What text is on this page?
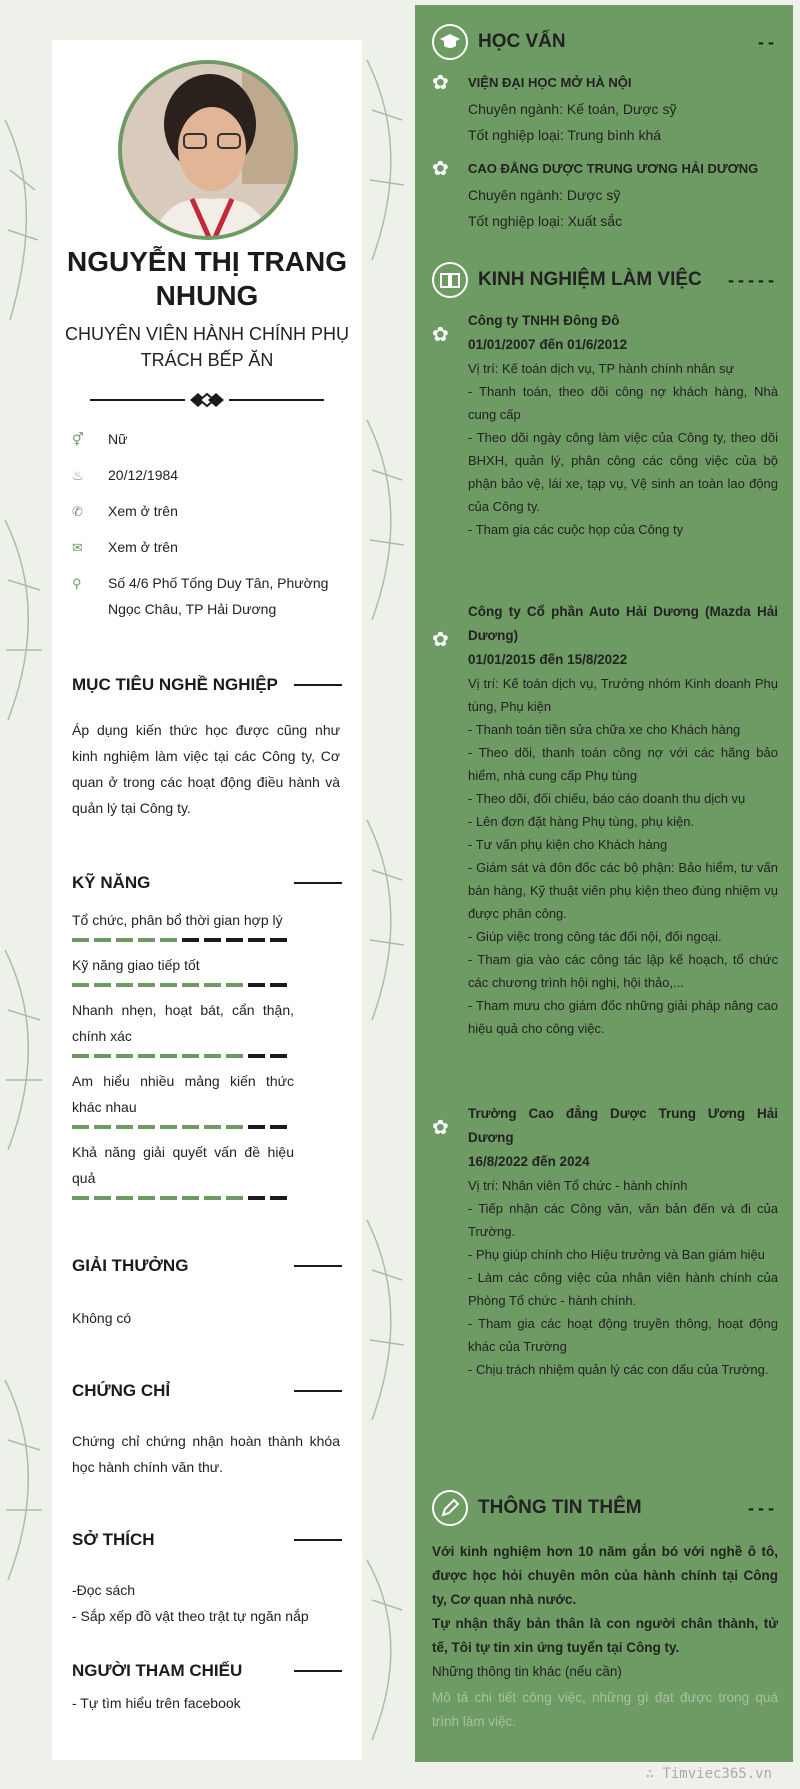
NGUYỄN THỊ TRANG NHUNG
CHUYÊN VIÊN HÀNH CHÍNH PHỤ TRÁCH BẾP ĂN
⚥	Nữ
♨	20/12/1984
✆	Xem ở trên
✉	Xem ở trên
⚲	Số 4/6 Phố Tống Duy Tân, Phường Ngọc Châu, TP Hải Dương
MỤC TIÊU NGHỀ NGHIỆP
Áp dụng kiến thức học được cũng như kinh nghiệm làm việc tại các Công ty, Cơ quan ở trong các hoạt động điều hành và quản lý tại Công ty.
KỸ NĂNG
Tổ chức, phân bổ thời gian hợp lý
Kỹ năng giao tiếp tốt
Nhanh nhẹn, hoạt bát, cẩn thận, chính xác
Am hiểu nhiều mảng kiến thức khác nhau
Khả năng giải quyết vấn đề hiệu quả
GIẢI THƯỞNG
Không có
CHỨNG CHỈ
Chứng chỉ chứng nhận hoàn thành khóa học hành chính văn thư.
SỞ THÍCH
-Đọc sách
- Sắp xếp đồ vật theo trật tự ngăn nắp
NGƯỜI THAM CHIẾU
- Tự tìm hiểu trên facebook
HỌC VẤN	--
✿ VIỆN ĐẠI HỌC MỞ HÀ NỘI
Chuyên ngành: Kế toán, Dược sỹ
Tốt nghiệp loại: Trung bình khá
✿ CAO ĐẲNG DƯỢC TRUNG ƯƠNG HẢI DƯƠNG
Chuyên ngành: Dược sỹ
Tốt nghiệp loại: Xuất sắc
KINH NGHIỆM LÀM VIỆC	-----
✿
Công ty TNHH Đông Đô
01/01/2007 đến 01/6/2012
Vị trí: Kế toán dịch vụ, TP hành chính nhân sự
- Thanh toán, theo dõi công nợ khách hàng, Nhà cung cấp
- Theo dõi ngày công làm việc của Công ty, theo dõi BHXH, quản lý, phân công các công việc của bộ phận bảo vệ, lái xe, tạp vụ, Vệ sinh an toàn lao động của Công ty.
- Tham gia các cuộc họp của Công ty
✿
Công ty Cổ phần Auto Hải Dương (Mazda Hải Dương)
01/01/2015 đến 15/8/2022
Vị trí: Kế toán dịch vụ, Trưởng nhóm Kinh doanh Phụ tùng, Phụ kiện
- Thanh toán tiền sửa chữa xe cho Khách hàng
- Theo dõi, thanh toán công nợ với các hãng bảo hiểm, nhà cung cấp Phụ tùng
- Theo dõi, đối chiếu, báo cáo doanh thu dịch vụ
- Lên đơn đặt hàng Phụ tùng, phụ kiện.
- Tư vấn phụ kiện cho Khách hàng
- Giám sát và đôn đốc các bộ phận: Bảo hiểm, tư vấn bán hàng, Kỹ thuật viên phụ kiện theo đúng nhiệm vụ được phân công.
- Giúp việc trong công tác đối nội, đối ngoại.
- Tham gia vào các công tác lập kế hoạch, tổ chức các chương trình hội nghị, hội thảo,...
- Tham mưu cho giám đốc những giải pháp nâng cao hiệu quả cho công việc.
✿
Trường Cao đẳng Dược Trung Ương Hải Dương
16/8/2022 đến 2024
Vị trí: Nhân viên Tổ chức - hành chính
- Tiếp nhận các Công văn, văn bản đến và đi của Trường.
- Phụ giúp chính cho Hiệu trưởng và Ban giám hiệu
- Làm các công việc của nhân viên hành chính của Phòng Tổ chức - hành chính.
- Tham gia các hoạt động truyền thông, hoạt động khác của Trường
- Chịu trách nhiệm quản lý các con dấu của Trường.
THÔNG TIN THÊM	---
Với kinh nghiệm hơn 10 năm gắn bó với nghề ô tô, được học hỏi chuyên môn của hành chính tại Công ty, Cơ quan nhà nước.
Tự nhận thấy bản thân là con người chân thành, tử tế, Tôi tự tin xin ứng tuyển tại Công ty.
Những thông tin khác (nếu cần)
Mô tả chi tiết công việc, những gì đạt được trong quá trình làm việc.
∴ Timviec365.vn
